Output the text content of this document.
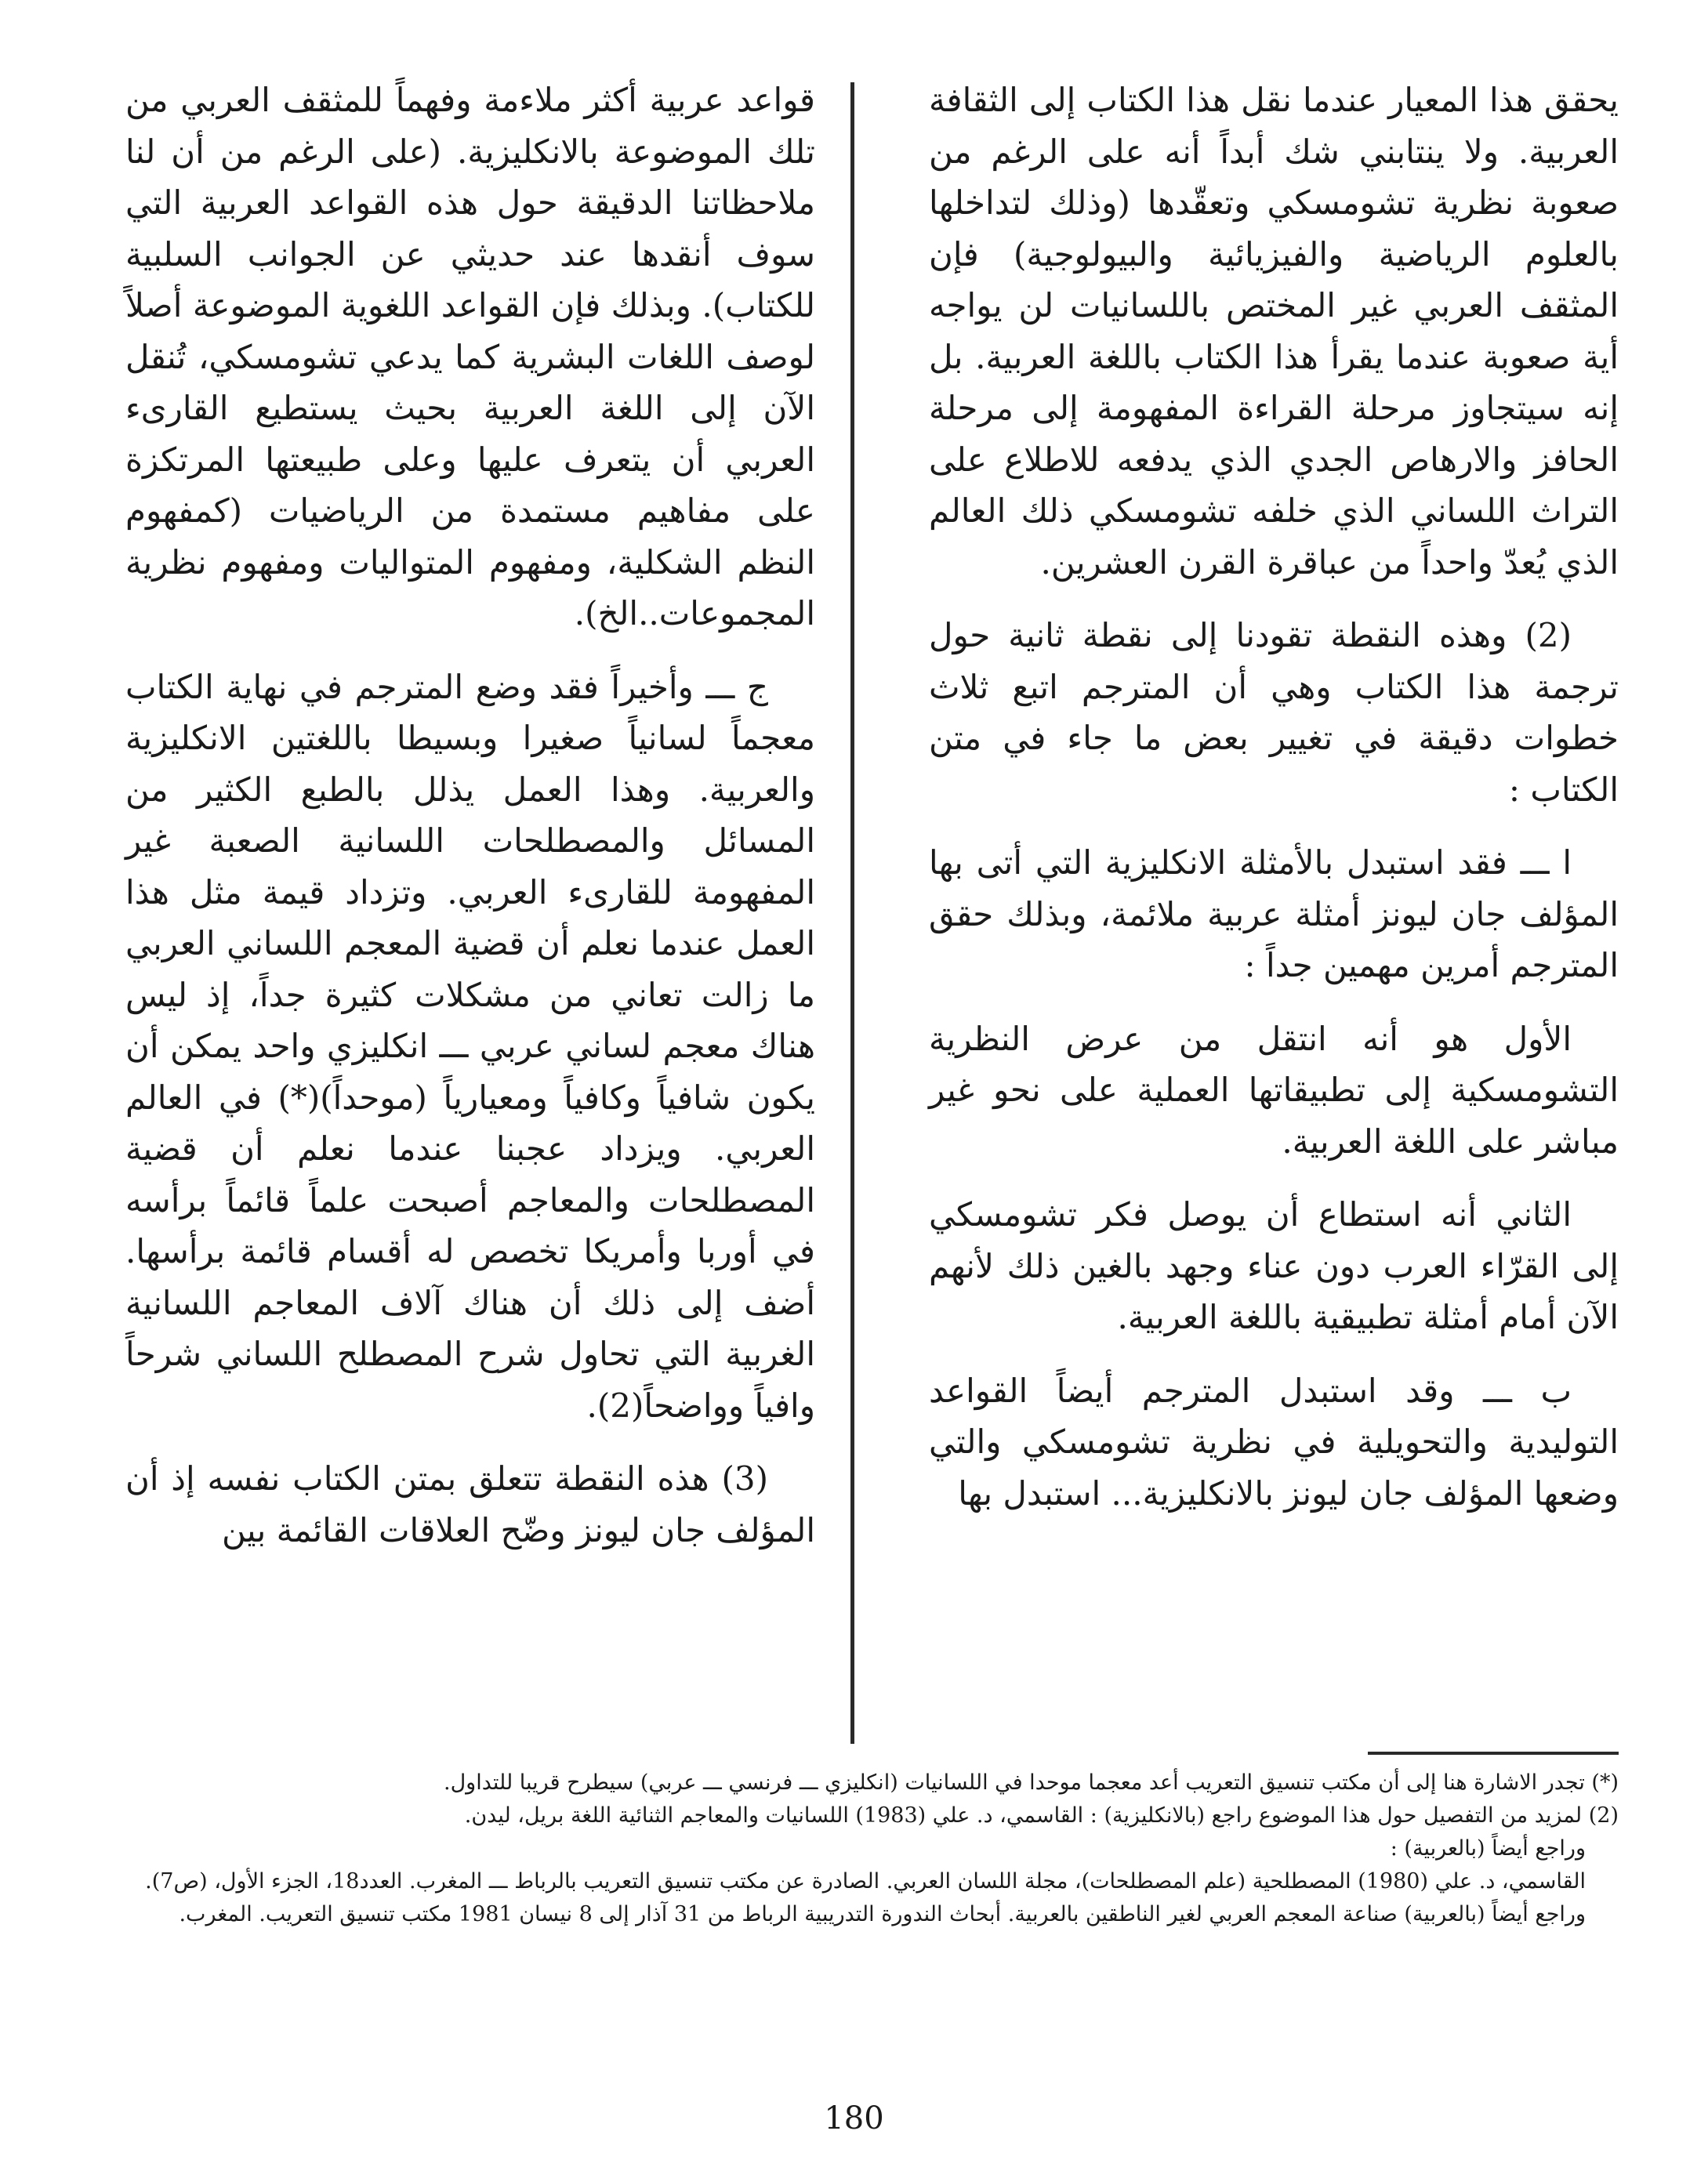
يحقق هذا المعيار عندما نقل هذا الكتاب إلى الثقافة العربية. ولا ينتابني شك أبداً أنه على الرغم من صعوبة نظرية تشومسكي وتعقّدها (وذلك لتداخلها بالعلوم الرياضية والفيزيائية والبيولوجية) فإن المثقف العربي غير المختص باللسانيات لن يواجه أية صعوبة عندما يقرأ هذا الكتاب باللغة العربية. بل إنه سيتجاوز مرحلة القراءة المفهومة إلى مرحلة الحافز والارهاص الجدي الذي يدفعه للاطلاع على التراث اللساني الذي خلفه تشومسكي ذلك العالم الذي يُعدّ واحداً من عباقرة القرن العشرين.

(2) وهذه النقطة تقودنا إلى نقطة ثانية حول ترجمة هذا الكتاب وهي أن المترجم اتبع ثلاث خطوات دقيقة في تغيير بعض ما جاء في متن الكتاب :

ا ـــ فقد استبدل بالأمثلة الانكليزية التي أتى بها المؤلف جان ليونز أمثلة عربية ملائمة، وبذلك حقق المترجم أمرين مهمين جداً :

الأول هو أنه انتقل من عرض النظرية التشومسكية إلى تطبيقاتها العملية على نحو غير مباشر على اللغة العربية.

الثاني أنه استطاع أن يوصل فكر تشومسكي إلى القرّاء العرب دون عناء وجهد بالغين ذلك لأنهم الآن أمام أمثلة تطبيقية باللغة العربية.

ب ـــ وقد استبدل المترجم أيضاً القواعد التوليدية والتحويلية في نظرية تشومسكي والتي وضعها المؤلف جان ليونز بالانكليزية... استبدل بها

قواعد عربية أكثر ملاءمة وفهماً للمثقف العربي من تلك الموضوعة بالانكليزية. (على الرغم من أن لنا ملاحظاتنا الدقيقة حول هذه القواعد العربية التي سوف أنقدها عند حديثي عن الجوانب السلبية للكتاب). وبذلك فإن القواعد اللغوية الموضوعة أصلاً لوصف اللغات البشرية كما يدعي تشومسكي، تُنقل الآن إلى اللغة العربية بحيث يستطيع القارىء العربي أن يتعرف عليها وعلى طبيعتها المرتكزة على مفاهيم مستمدة من الرياضيات (كمفهوم النظم الشكلية، ومفهوم المتواليات ومفهوم نظرية المجموعات..الخ).

ج ـــ وأخيراً فقد وضع المترجم في نهاية الكتاب معجماً لسانياً صغيرا وبسيطا باللغتين الانكليزية والعربية. وهذا العمل يذلل بالطبع الكثير من المسائل والمصطلحات اللسانية الصعبة غير المفهومة للقارىء العربي. وتزداد قيمة مثل هذا العمل عندما نعلم أن قضية المعجم اللساني العربي ما زالت تعاني من مشكلات كثيرة جداً، إذ ليس هناك معجم لساني عربي ـــ انكليزي واحد يمكن أن يكون شافياً وكافياً ومعيارياً (موحداً)(*) في العالم العربي. ويزداد عجبنا عندما نعلم أن قضية المصطلحات والمعاجم أصبحت علماً قائماً برأسه في أوربا وأمريكا تخصص له أقسام قائمة برأسها. أضف إلى ذلك أن هناك آلاف المعاجم اللسانية الغربية التي تحاول شرح المصطلح اللساني شرحاً وافياً وواضحاً(2).

(3) هذه النقطة تتعلق بمتن الكتاب نفسه إذ أن المؤلف جان ليونز وضّح العلاقات القائمة بين

(*) تجدر الاشارة هنا إلى أن مكتب تنسيق التعريب أعد معجما موحدا في اللسانيات (انكليزي ـــ فرنسي ـــ عربي) سيطرح قريبا للتداول.

(2) لمزيد من التفصيل حول هذا الموضوع راجع (بالانكليزية) : القاسمي، د. علي (1983) اللسانيات والمعاجم الثنائية اللغة بريل، ليدن.

وراجع أيضاً (بالعربية) :

القاسمي، د. علي (1980) المصطلحية (علم المصطلحات)، مجلة اللسان العربي. الصادرة عن مكتب تنسيق التعريب بالرباط ـــ المغرب. العدد18، الجزء الأول، (ص7).

وراجع أيضاً (بالعربية) صناعة المعجم العربي لغير الناطقين بالعربية. أبحاث الندورة التدريبية الرباط من 31 آذار إلى 8 نيسان 1981 مكتب تنسيق التعريب. المغرب.

180
